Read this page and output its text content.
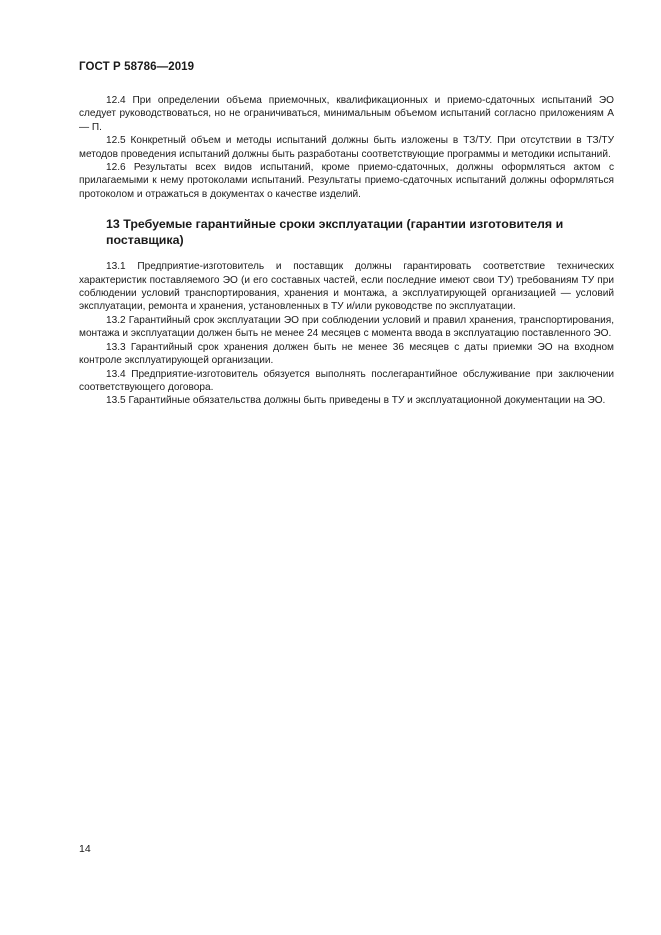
ГОСТ Р 58786—2019

12.4 При определении объема приемочных, квалификационных и приемо-сдаточных испытаний ЭО следует руководствоваться, но не ограничиваться, минимальным объемом испытаний согласно приложениям А — П.

12.5 Конкретный объем и методы испытаний должны быть изложены в ТЗ/ТУ. При отсутствии в ТЗ/ТУ методов проведения испытаний должны быть разработаны соответствующие программы и методики испытаний.

12.6 Результаты всех видов испытаний, кроме приемо-сдаточных, должны оформляться актом с прилагаемыми к нему протоколами испытаний. Результаты приемо-сдаточных испытаний должны оформляться протоколом и отражаться в документах о качестве изделий.

13 Требуемые гарантийные сроки эксплуатации (гарантии изготовителя и поставщика)

13.1 Предприятие-изготовитель и поставщик должны гарантировать соответствие технических характеристик поставляемого ЭО (и его составных частей, если последние имеют свои ТУ) требованиям ТУ при соблюдении условий транспортирования, хранения и монтажа, а эксплуатирующей организацией — условий эксплуатации, ремонта и хранения, установленных в ТУ и/или руководстве по эксплуатации.

13.2 Гарантийный срок эксплуатации ЭО при соблюдении условий и правил хранения, транспортирования, монтажа и эксплуатации должен быть не менее 24 месяцев с момента ввода в эксплуатацию поставленного ЭО.

13.3 Гарантийный срок хранения должен быть не менее 36 месяцев с даты приемки ЭО на входном контроле эксплуатирующей организации.

13.4 Предприятие-изготовитель обязуется выполнять послегарантийное обслуживание при заключении соответствующего договора.

13.5 Гарантийные обязательства должны быть приведены в ТУ и эксплуатационной документации на ЭО.

14
